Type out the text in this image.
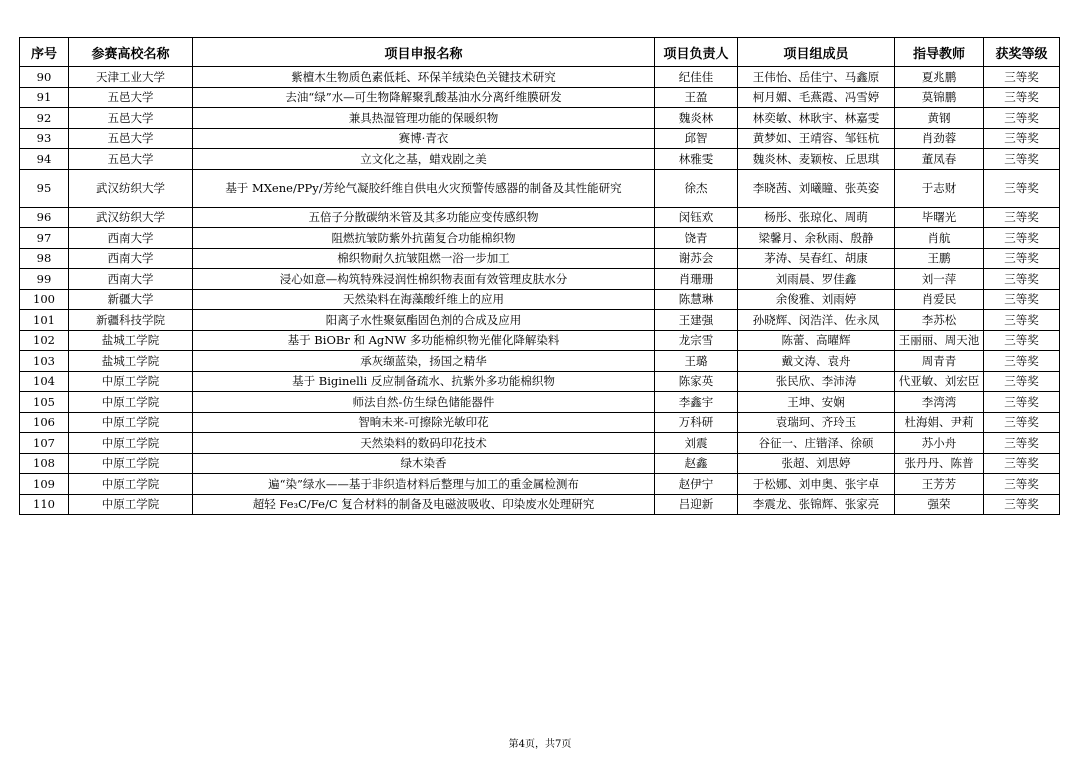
序号	参赛高校名称	项目申报名称	项目负责人	项目组成员	指导教师	获奖等级
90	天津工业大学	紫檀木生物质色素低耗、环保羊绒染色关键技术研究	纪佳佳	王伟怡、岳佳宁、马鑫原	夏兆鹏	三等奖
91	五邑大学	去油“绿”水—可生物降解聚乳酸基油水分离纤维膜研发	王盈	柯月媚、毛燕霞、冯雪婷	莫锦鹏	三等奖
92	五邑大学	兼具热湿管理功能的保暖织物	魏炎林	林奕敏、林耿宇、林嘉雯	黄钢	三等奖
93	五邑大学	赛博·青衣	邱智	黄梦如、王靖容、邹钰杭	肖劲蓉	三等奖
94	五邑大学	立文化之基，蜡戏剧之美	林雅雯	魏炎林、麦颖桉、丘思琪	董凤春	三等奖
95	武汉纺织大学	基于 MXene/PPy/芳纶气凝胶纤维自供电火灾预警传感器的制备及其性能研究	徐杰	李晓茜、刘曦瞳、张英姿	于志财	三等奖
96	武汉纺织大学	五倍子分散碳纳米管及其多功能应变传感织物	闵钰欢	杨彤、张琼化、周萌	毕曙光	三等奖
97	西南大学	阻燃抗皱防紫外抗菌复合功能棉织物	饶青	梁馨月、余秋雨、殷静	肖航	三等奖
98	西南大学	棉织物耐久抗皱阻燃一浴一步加工	谢苏会	茅涛、吴春红、胡康	王鹏	三等奖
99	西南大学	浸心如意—构筑特殊浸润性棉织物表面有效管理皮肤水分	肖珊珊	刘雨晨、罗佳鑫	刘一萍	三等奖
100	新疆大学	天然染料在海藻酸纤维上的应用	陈慧琳	余俊雅、刘雨婷	肖爱民	三等奖
101	新疆科技学院	阳离子水性聚氨酯固色剂的合成及应用	王建强	孙晓辉、闵浩洋、佐永凤	李苏松	三等奖
102	盐城工学院	基于 BiOBr 和 AgNW 多功能棉织物光催化降解染料	龙宗雪	陈蕾、高曜辉	王丽丽、周天池	三等奖
103	盐城工学院	承灰缬蓝染，扬国之精华	王璐	戴文涛、袁舟	周青青	三等奖
104	中原工学院	基于 Biginelli 反应制备疏水、抗紫外多功能棉织物	陈家英	张民欣、李沛涛	代亚敏、刘宏臣	三等奖
105	中原工学院	师法自然-仿生绿色储能器件	李鑫宇	王坤、安娴	李湾湾	三等奖
106	中原工学院	智晌未来-可擦除光敏印花	万科研	袁瑞珂、齐玲玉	杜海娟、尹莉	三等奖
107	中原工学院	天然染料的数码印花技术	刘震	谷征一、庄锴泽、徐硕	苏小舟	三等奖
108	中原工学院	绿木染香	赵鑫	张超、刘思婷	张丹丹、陈普	三等奖
109	中原工学院	遍“染”绿水——基于非织造材料后整理与加工的重金属检测布	赵伊宁	于松娜、刘申奥、张宇卓	王芳芳	三等奖
110	中原工学院	超轻 Fe₃C/Fe/C 复合材料的制备及电磁波吸收、印染废水处理研究	吕迎新	李震龙、张锦辉、张家亮	强荣	三等奖
第4页，共7页
